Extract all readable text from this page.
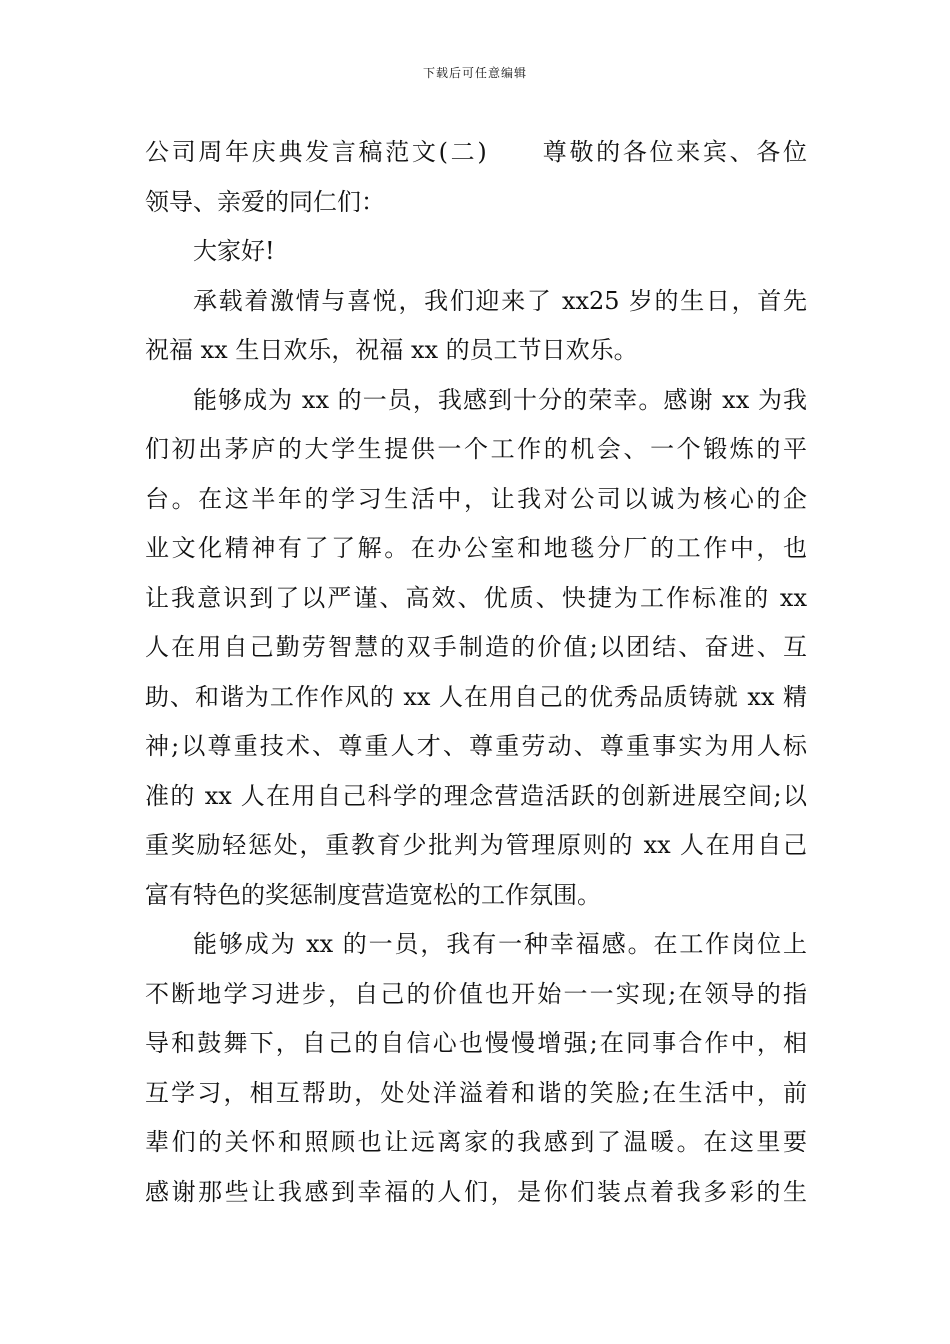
下载后可任意编辑
公司周年庆典发言稿范文(二)　　尊敬的各位来宾、各位
领导、亲爱的同仁们：
大家好!
承载着激情与喜悦，我们迎来了 xx25 岁的生日，首先
祝福 xx 生日欢乐，祝福 xx 的员工节日欢乐。
能够成为 xx 的一员，我感到十分的荣幸。感谢 xx 为我
们初出茅庐的大学生提供一个工作的机会、一个锻炼的平
台。在这半年的学习生活中，让我对公司以诚为核心的企
业文化精神有了了解。在办公室和地毯分厂的工作中，也
让我意识到了以严谨、高效、优质、快捷为工作标准的 xx
人在用自己勤劳智慧的双手制造的价值;以团结、奋进、互
助、和谐为工作作风的 xx 人在用自己的优秀品质铸就 xx 精
神;以尊重技术、尊重人才、尊重劳动、尊重事实为用人标
准的 xx 人在用自己科学的理念营造活跃的创新进展空间;以
重奖励轻惩处，重教育少批判为管理原则的 xx 人在用自己
富有特色的奖惩制度营造宽松的工作氛围。
能够成为 xx 的一员，我有一种幸福感。在工作岗位上
不断地学习进步，自己的价值也开始一一实现;在领导的指
导和鼓舞下，自己的自信心也慢慢增强;在同事合作中，相
互学习，相互帮助，处处洋溢着和谐的笑脸;在生活中，前
辈们的关怀和照顾也让远离家的我感到了温暖。在这里要
感谢那些让我感到幸福的人们，是你们装点着我多彩的生
